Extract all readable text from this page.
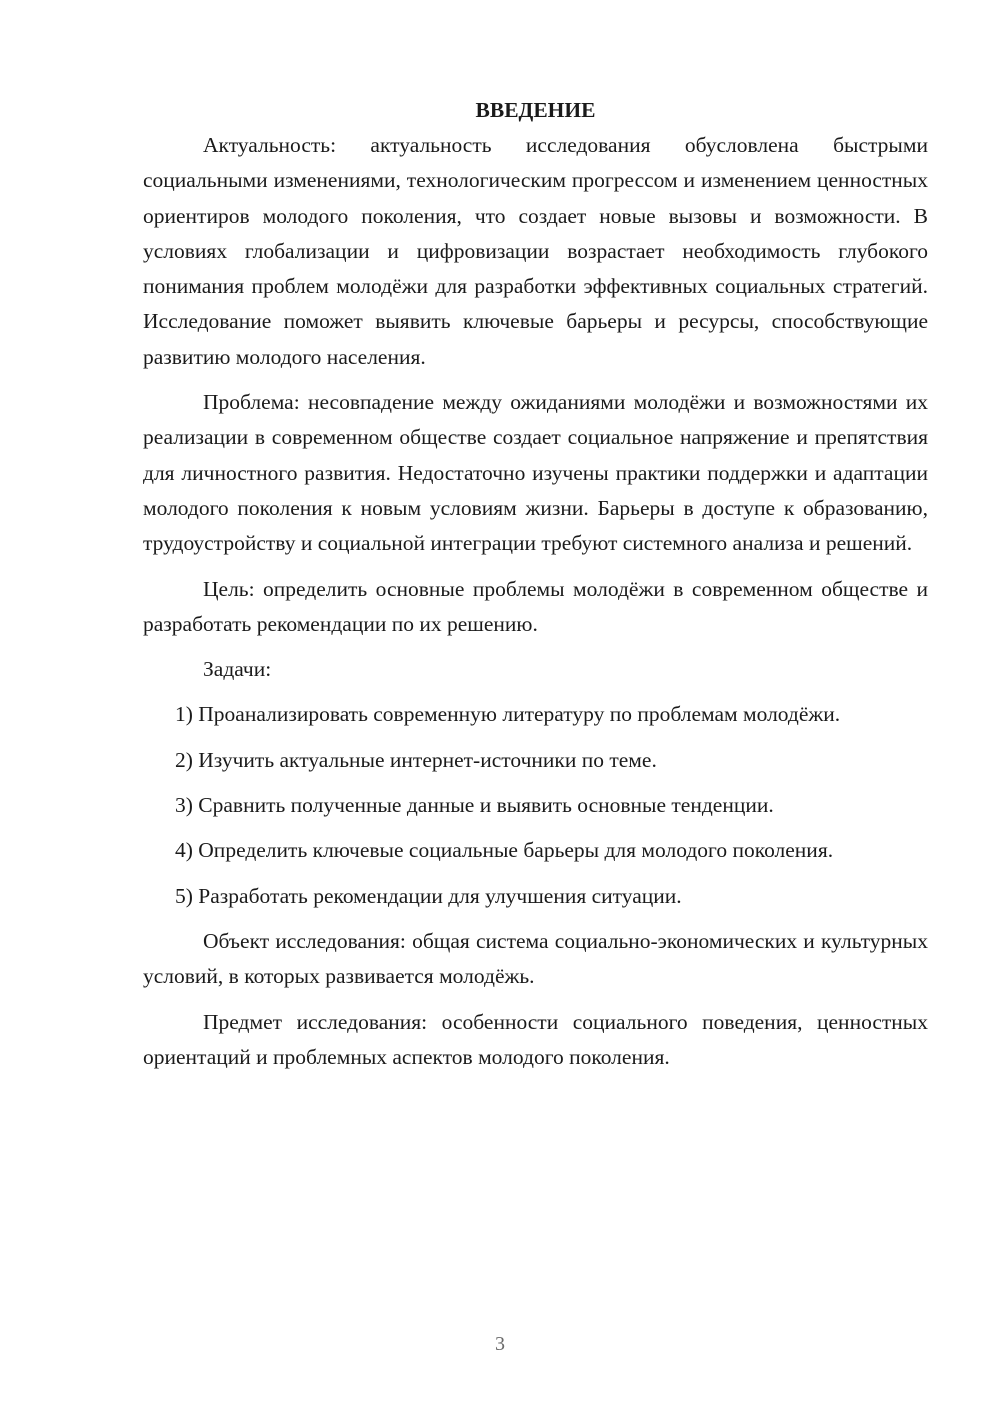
ВВЕДЕНИЕ

Актуальность: актуальность исследования обусловлена быстрыми социальными изменениями, технологическим прогрессом и изменением ценностных ориентиров молодого поколения, что создает новые вызовы и возможности. В условиях глобализации и цифровизации возрастает необходимость глубокого понимания проблем молодёжи для разработки эффективных социальных стратегий. Исследование поможет выявить ключевые барьеры и ресурсы, способствующие развитию молодого населения.

Проблема: несовпадение между ожиданиями молодёжи и возможностями их реализации в современном обществе создает социальное напряжение и препятствия для личностного развития. Недостаточно изучены практики поддержки и адаптации молодого поколения к новым условиям жизни. Барьеры в доступе к образованию, трудоустройству и социальной интеграции требуют системного анализа и решений.

Цель: определить основные проблемы молодёжи в современном обществе и разработать рекомендации по их решению.

Задачи:

1) Проанализировать современную литературу по проблемам молодёжи.

2) Изучить актуальные интернет-источники по теме.

3) Сравнить полученные данные и выявить основные тенденции.

4) Определить ключевые социальные барьеры для молодого поколения.

5) Разработать рекомендации для улучшения ситуации.

Объект исследования: общая система социально-экономических и культурных условий, в которых развивается молодёжь.

Предмет исследования: особенности социального поведения, ценностных ориентаций и проблемных аспектов молодого поколения.

3
